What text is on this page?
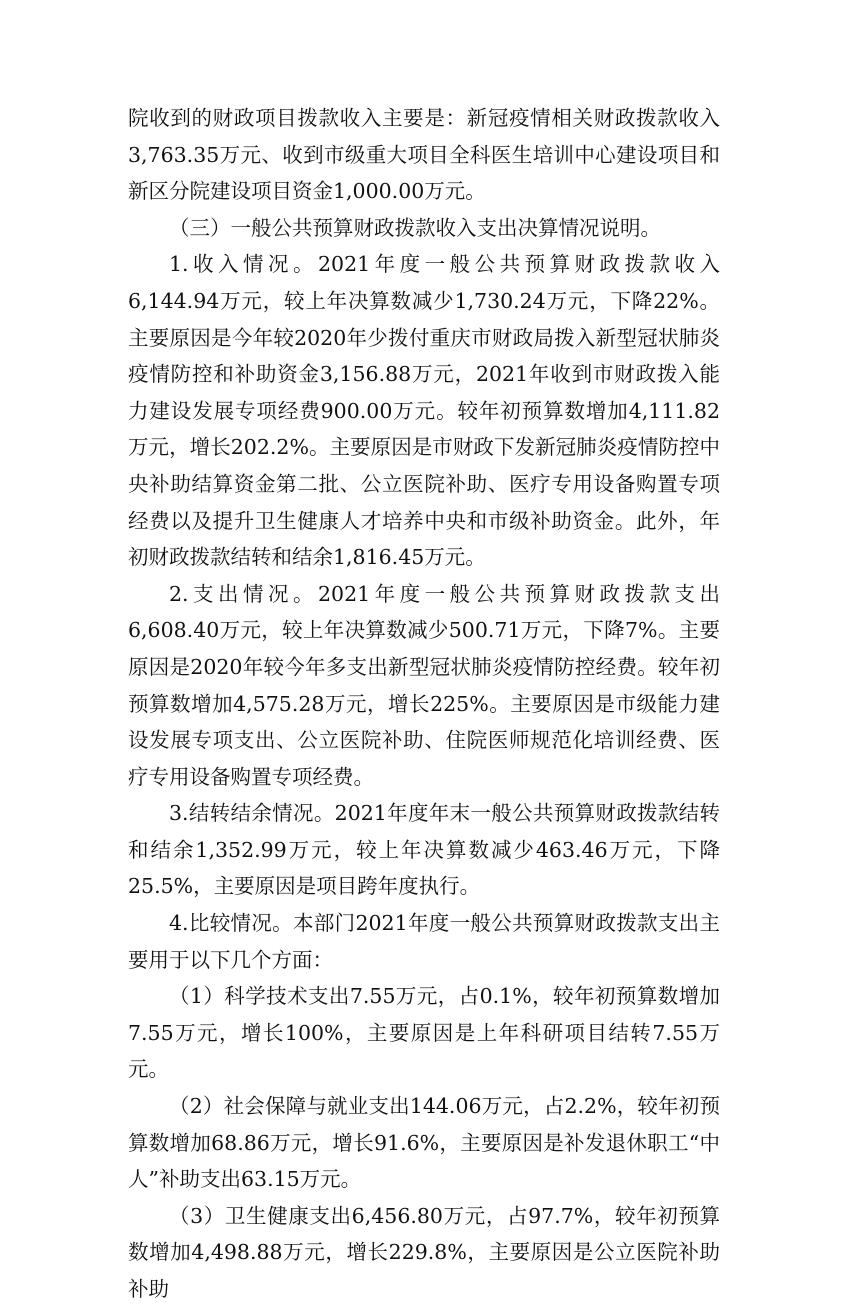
院收到的财政项目拨款收入主要是：新冠疫情相关财政拨款收入3,763.35万元、收到市级重大项目全科医生培训中心建设项目和新区分院建设项目资金1,000.00万元。

（三）一般公共预算财政拨款收入支出决算情况说明。

1.收入情况。2021年度一般公共预算财政拨款收入6,144.94万元，较上年决算数减少1,730.24万元，下降22%。主要原因是今年较2020年少拨付重庆市财政局拨入新型冠状肺炎疫情防控和补助资金3,156.88万元，2021年收到市财政拨入能力建设发展专项经费900.00万元。较年初预算数增加4,111.82万元，增长202.2%。主要原因是市财政下发新冠肺炎疫情防控中央补助结算资金第二批、公立医院补助、医疗专用设备购置专项经费以及提升卫生健康人才培养中央和市级补助资金。此外，年初财政拨款结转和结余1,816.45万元。

2.支出情况。2021年度一般公共预算财政拨款支出6,608.40万元，较上年决算数减少500.71万元，下降7%。主要原因是2020年较今年多支出新型冠状肺炎疫情防控经费。较年初预算数增加4,575.28万元，增长225%。主要原因是市级能力建设发展专项支出、公立医院补助、住院医师规范化培训经费、医疗专用设备购置专项经费。

3.结转结余情况。2021年度年末一般公共预算财政拨款结转和结余1,352.99万元，较上年决算数减少463.46万元，下降25.5%，主要原因是项目跨年度执行。

4.比较情况。本部门2021年度一般公共预算财政拨款支出主要用于以下几个方面：

（1）科学技术支出7.55万元，占0.1%，较年初预算数增加7.55万元，增长100%，主要原因是上年科研项目结转7.55万元。

（2）社会保障与就业支出144.06万元，占2.2%，较年初预算数增加68.86万元，增长91.6%，主要原因是补发退休职工“中人”补助支出63.15万元。

（3）卫生健康支出6,456.80万元，占97.7%，较年初预算数增加4,498.88万元，增长229.8%，主要原因是公立医院补助补助
